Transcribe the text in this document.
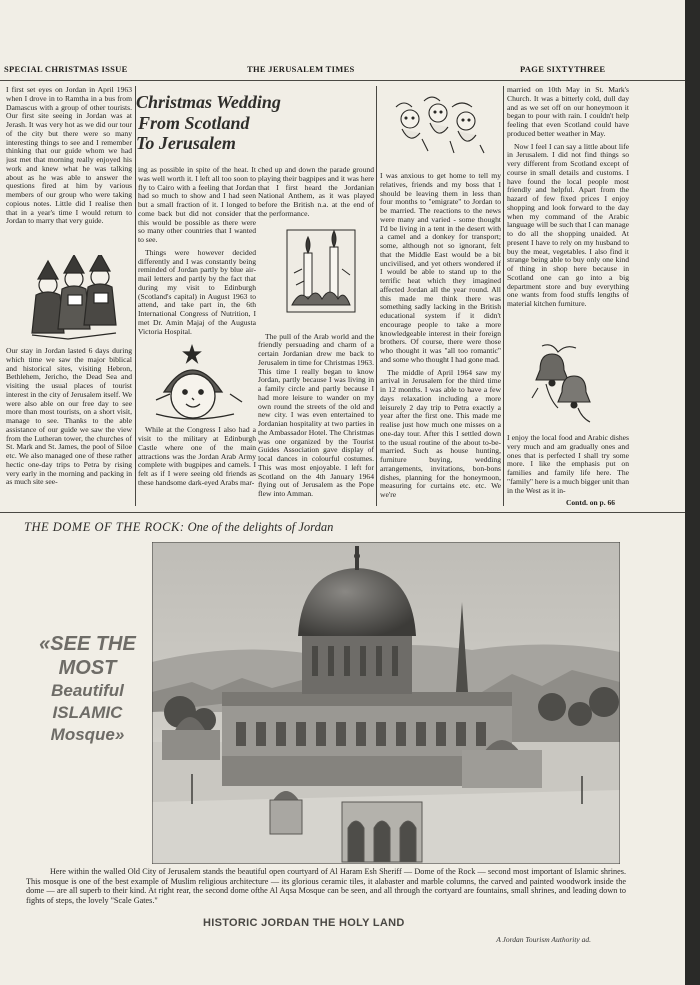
SPECIAL CHRISTMAS ISSUE	THE JERUSALEM TIMES	PAGE SIXTYTHREE

I first set eyes on Jordan in April 1963 when I drove in to Ramtha in a bus from Damascus with a group of other tourists. Our first site seeing in Jordan was at Jerash. It was very hot as we did our tour of the city but there were so many interesting things to see and I remember thinking that our guide whom we had just met that morning really enjoyed his work and knew what he was talking about as he was able to answer the questions fired at him by various members of our group who were taking copious notes. Little did I realise then that in a year's time I would return to Jordan to marry that very guide.

Our stay in Jordan lasted 6 days during which time we saw the major biblical and historical sites, visiting Hebron, Bethlehem, Jericho, the Dead Sea and visiting the usual places of tourist interest in the city of Jerusalem itself. We were also able on our free day to see more than most tourists, on a short visit, manage to see. Thanks to the able assistance of our guide we saw the view from the Lutheran tower, the churches of St. Mark and St. James, the pool of Siloe etc. We also managed one of these rather hectic one-day trips to Petra by rising very early in the morning and packing in as much site see-

Christmas Wedding
From Scotland
To Jerusalem

ing as possible in spite of the heat. It was well worth it. I left all too soon to fly to Cairo with a feeling that Jordan had so much to show and I had seen but a small fraction of it. I longed to come back but did not consider that this would be possible as there were so many other countries that I wanted to see.

Things were however decided differently and I was constantly being reminded of Jordan partly by blue air-mail letters and partly by the fact that during my visit to Edinburgh (Scotland's capital) in August 1963 to attend, and take part in, the 6th International Congress of Nutrition, I met Dr. Amin Majaj of the Augusta Victoria Hospital.

While at the Congress I also had a visit to the military at Edinburgh Castle where one of the main attractions was the Jordan Arab Army complete with bugpipes and camels. I felt as if I were seeing old friends as these handsome dark-eyed Arabs mar-

ched up and down the parade ground playing their bagpipes and it was here that I first heard the Jordanian National Anthem, as it was played before the British n.a. at the end of the performance.

The pull of the Arab world and the friendly persuading and charm of a certain Jordanian drew me back to Jerusalem in time for Christmas 1963. This time I really began to know Jordan, partly because I was living in a family circle and partly because I had more leisure to wander on my own round the streets of the old and new city. I was even entertained to Jordanian hospitality at two parties in the Ambassador Hotel. The Christmas was one organized by the Tourist Guides Association gave display of local dances in colourful costumes. This was most enjoyable. I left for Scotland on the 4th January 1964 flying out of Jerusalem as the Pope flew into Amman.

I was anxious to get home to tell my relatives, friends and my boss that I should be leaving them in less than four months to "emigrate" to Jordan to be married. The reactions to the news were many and varied - some thought I'd be living in a tent in the desert with a camel and a donkey for transport; some, although not so ignorant, felt that the Middle East would be a bit uncivilised, and yet others wondered if I would be able to stand up to the terrific heat which they imagined affected Jordan all the year round. All this made me think there was something sadly lacking in the British educational system if it didn't encourage people to take a more knowledgeable interest in their foreign brothers. Of course, there were those who thought it was "all too romantic" and some who thought I had gone mad.

The middle of April 1964 saw my arrival in Jerusalem for the third time in 12 months. I was able to have a few days relaxation including a more leisurely 2 day trip to Petra exactly a year after the first one. This made me realise just how much one misses on a one-day tour. After this I settled down to the usual routine of the about to-be-married. Such as house hunting, furniture buying, wedding arrangements, invitations, bon-bons dishes, planning for the honeymoon, measuring for curtains etc. etc. We we're

married on 10th May in St. Mark's Church. It was a bitterly cold, dull day and as we set off on our honeymoon it began to pour with rain. I couldn't help feeling that even Scotland could have produced better weather in May.

Now I feel I can say a little about life in Jerusalem. I did not find things so very different from Scotland except of course in small details and customs. I have found the local people most friendly and helpful. Apart from the hazard of few fixed prices I enjoy shopping and look forward to the day when my command of the Arabic language will be such that I can manage to do all the shopping unaided. At present I have to rely on my husband to buy the meat, vegetables. I also find it strange being able to buy only one kind of thing in shop here because in Scotland one can go into a big department store and buy everything one wants from food stuffs lengths of material kitchen furniture.

I enjoy the local food and Arabic dishes very much and am gradually ones and ones that is perfected I shall try some more. I like the emphasis put on families and family life here. The "family" here is a much bigger unit than in the West as it in-

Contd. on p. 66
THE DOME OF THE ROCK: One of the delights of Jordan
«SEE THE
MOST
Beautiful
ISLAMIC
Mosque»
Here within the walled Old City of Jerusalem stands the beautiful open courtyard of Al Haram Esh Sheriff — Dome of the Rock — second most important of Islamic shrines. This mosque is one of the best example of Muslim religious architecture — its glorious ceramic tiles, it alabaster and marble columns, the carved and painted woodwork inside the dome — are all superb to their kind. At right rear, the second dome ofthe Al Aqsa Mosque can be seen, and all through the cortyard are fountains, small shrines, and leading down to fights of steps, the lovely "Scale Gates."
HISTORIC JORDAN THE HOLY LAND
A Jordan Tourism Authority ad.
